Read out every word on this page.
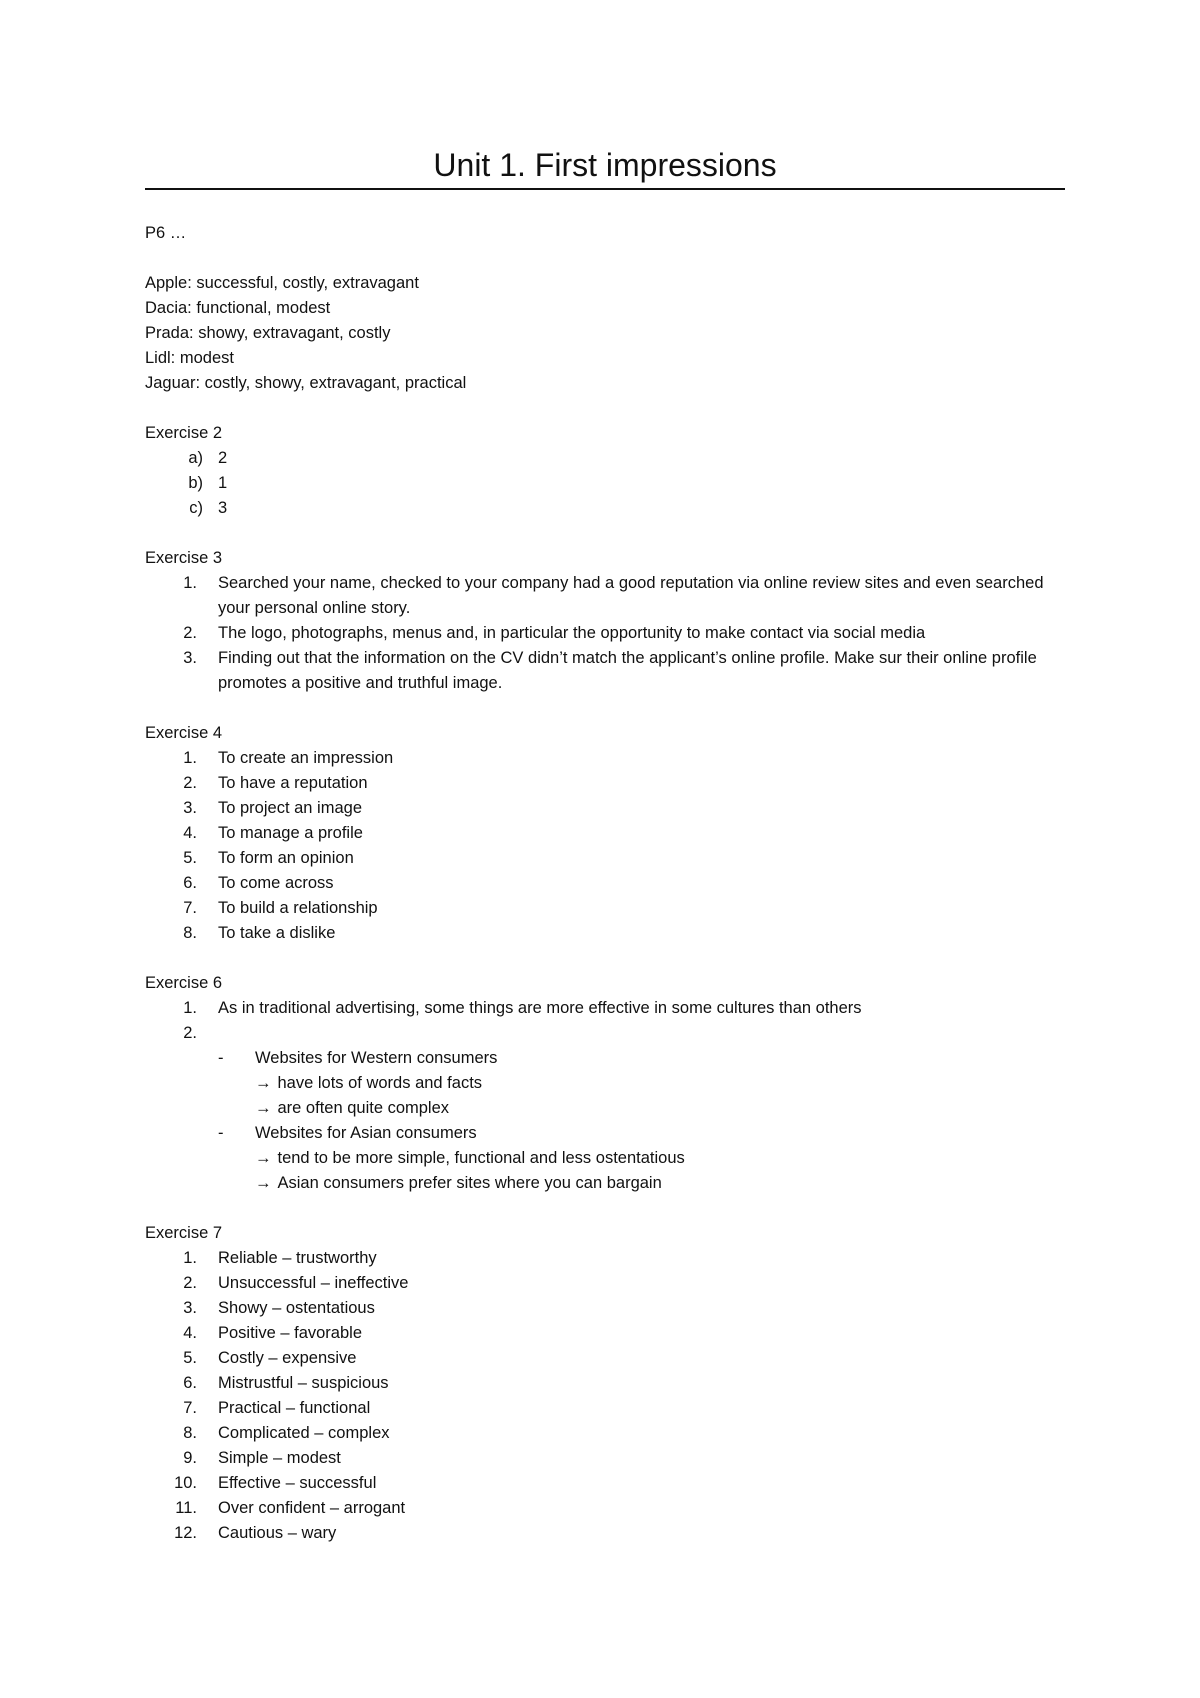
Unit 1. First impressions
P6 …
Apple: successful, costly, extravagant
Dacia: functional, modest
Prada: showy, extravagant, costly
Lidl: modest
Jaguar: costly, showy, extravagant, practical
Exercise 2
a) 2
b) 1
c) 3
Exercise 3
1. Searched your name, checked to your company had a good reputation via online review sites and even searched your personal online story.
2. The logo, photographs, menus and, in particular the opportunity to make contact via social media
3. Finding out that the information on the CV didn’t match the applicant’s online profile. Make sur their online profile promotes a positive and truthful image.
Exercise 4
1. To create an impression
2. To have a reputation
3. To project an image
4. To manage a profile
5. To form an opinion
6. To come across
7. To build a relationship
8. To take a dislike
Exercise 6
1. As in traditional advertising, some things are more effective in some cultures than others
2.
- Websites for Western consumers
→ have lots of words and facts
→ are often quite complex
- Websites for Asian consumers
→ tend to be more simple, functional and less ostentatious
→ Asian consumers prefer sites where you can bargain
Exercise 7
1. Reliable – trustworthy
2. Unsuccessful – ineffective
3. Showy – ostentatious
4. Positive – favorable
5. Costly – expensive
6. Mistrustful – suspicious
7. Practical – functional
8. Complicated – complex
9. Simple – modest
10. Effective – successful
11. Over confident – arrogant
12. Cautious – wary
